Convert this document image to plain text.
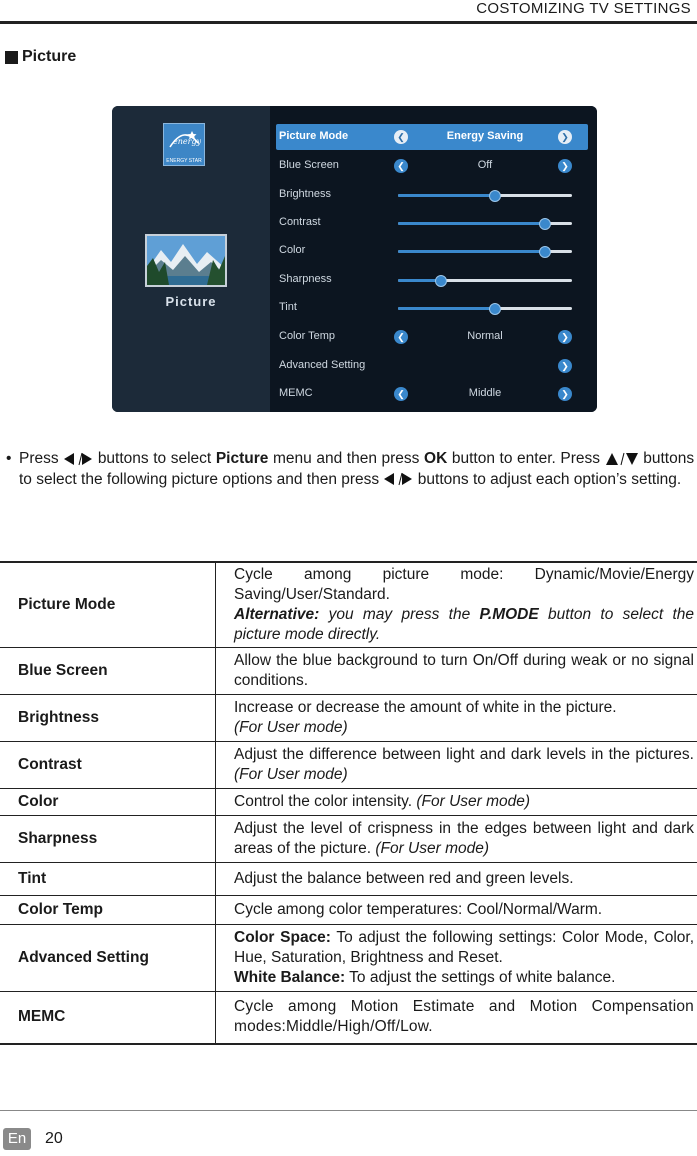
COSTOMIZING TV SETTINGS
Picture
energy
ENERGY STAR
Picture
Picture Mode	❮	Energy Saving	❯
Blue Screen	❮	Off	❯
Brightness
Contrast
Color
Sharpness
Tint
Color Temp	❮	Normal	❯
Advanced Setting	❯
MEMC	❮	Middle	❯
• Press	buttons to select Picture menu and then press OK button to enter. Press	buttons to select the following picture options and then press buttons to adjust each option’s setting.
Picture Mode	Cycle among picture mode: Dynamic/Movie/Energy Saving/User/Standard.
Alternative: you may press the P.MODE button to select the picture mode directly.
Blue Screen	Allow the blue background to turn On/Off during weak or no signal conditions.
Brightness	Increase or decrease the amount of white in the picture.
(For User mode)
Contrast	Adjust the difference between light and dark levels in the pictures. (For User mode)
Color	Control the color intensity. (For User mode)
Sharpness	Adjust the level of crispness in the edges between light and dark areas of the picture. (For User mode)
Tint	Adjust the balance between red and green levels.
Color Temp	Cycle among color temperatures: Cool/Normal/Warm.
Advanced Setting	Color Space: To adjust the following settings: Color Mode, Color, Hue, Saturation, Brightness and Reset.
White Balance: To adjust the settings of white balance.
MEMC	Cycle among Motion Estimate and Motion Compensation modes:Middle/High/Off/Low.
En	20
